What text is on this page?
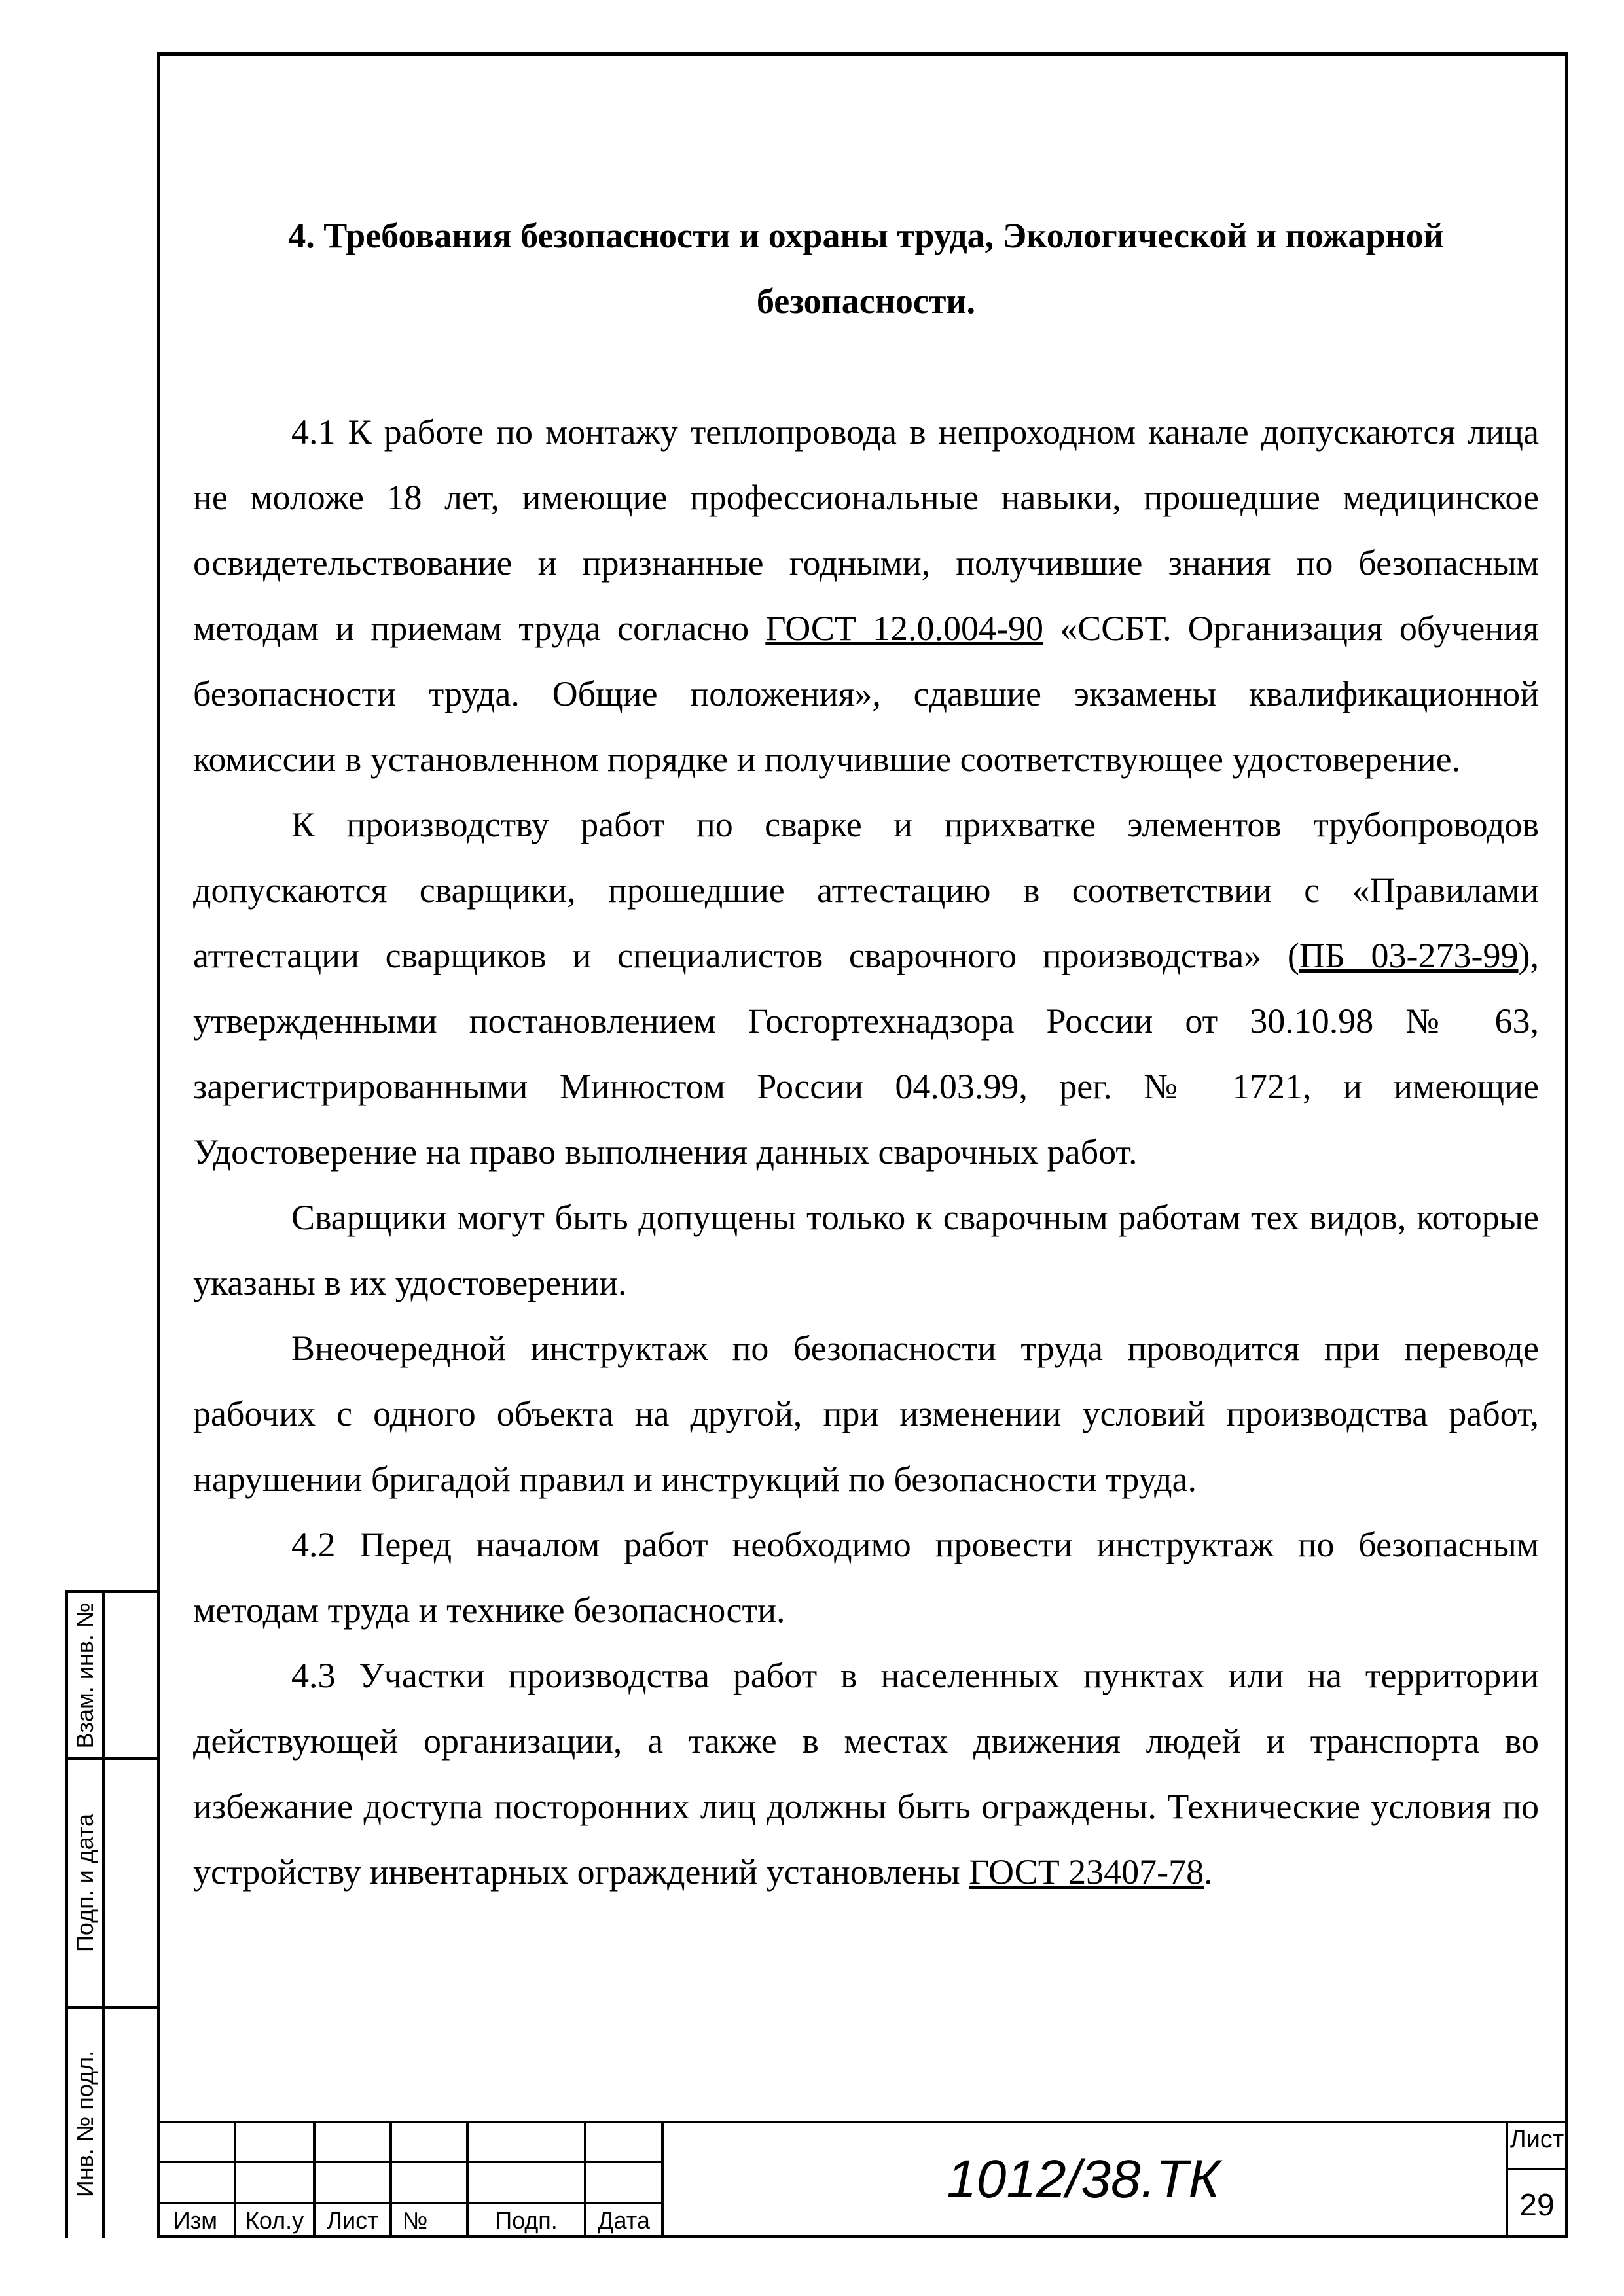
4. Требования безопасности и охраны труда, Экологической и пожарной
безопасности.

4.1 К работе по монтажу теплопровода в непроходном канале допускаются лица не моложе 18 лет, имеющие профессиональные навыки, прошедшие медицинское освидетельствование и признанные годными, получившие знания по безопасным методам и приемам труда согласно ГОСТ 12.0.004-90 «ССБТ. Организация обучения безопасности труда. Общие положения», сдавшие экзамены квалификационной комиссии в установленном порядке и получившие соответствующее удостоверение.

К производству работ по сварке и прихватке элементов трубопроводов допускаются сварщики, прошедшие аттестацию в соответствии с «Правилами аттестации сварщиков и специалистов сварочного производства» (ПБ 03-273-99), утвержденными постановлением Госгортехнадзора России от 30.10.98 № 63, зарегистрированными Минюстом России 04.03.99, рег. № 1721, и имеющие Удостоверение на право выполнения данных сварочных работ.

Сварщики могут быть допущены только к сварочным работам тех видов, которые указаны в их удостоверении.

Внеочередной инструктаж по безопасности труда проводится при переводе рабочих с одного объекта на другой, при изменении условий производства работ, нарушении бригадой правил и инструкций по безопасности труда.

4.2 Перед началом работ необходимо провести инструктаж по безопасным методам труда и технике безопасности.

4.3 Участки производства работ в населенных пунктах или на территории действующей организации, а также в местах движения людей и транспорта во избежание доступа посторонних лиц должны быть ограждены. Технические условия по устройству инвентарных ограждений установлены ГОСТ 23407-78.

Взам. инв. №
Подп. и дата
Инв. № подл.
Изм	Кол.у Лист	№	Подп.	Дата
1012/38.ТК
Лист
29
